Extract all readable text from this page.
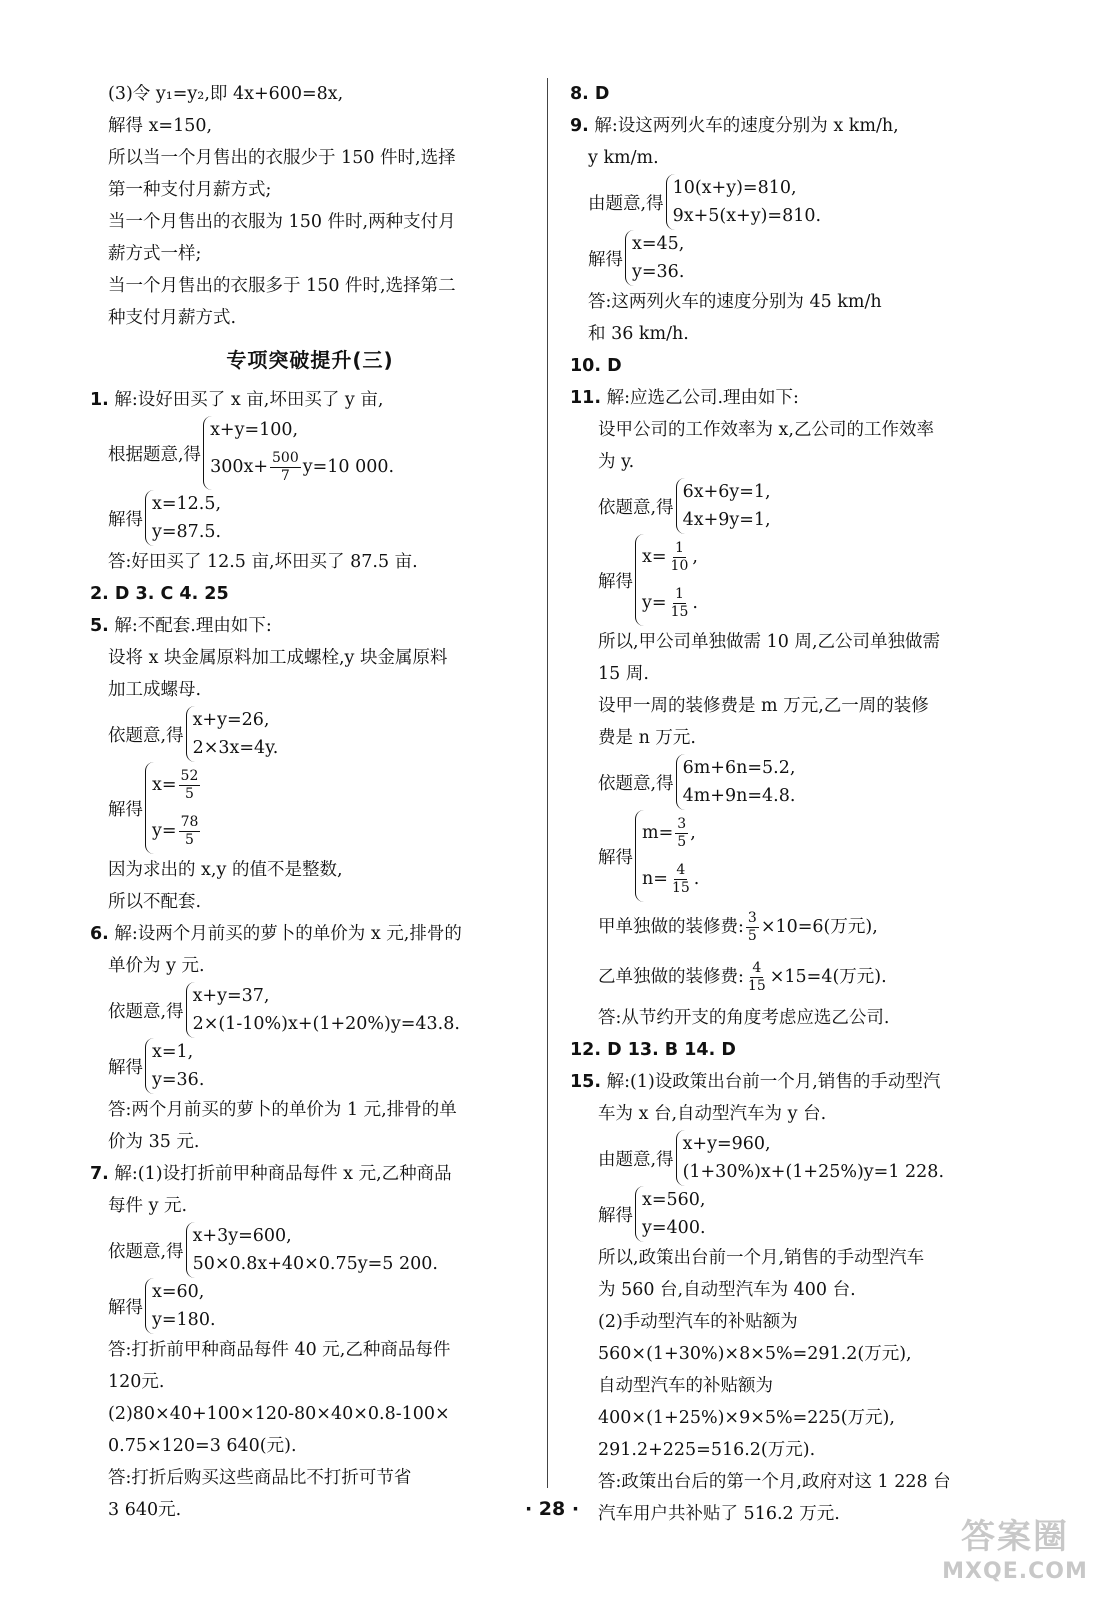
(3)令 y₁=y₂,即 4x+600=8x,
解得 x=150,
所以当一个月售出的衣服少于 150 件时,选择
第一种支付月薪方式;
当一个月售出的衣服为 150 件时,两种支付月
薪方式一样;
当一个月售出的衣服多于 150 件时,选择第二
种支付月薪方式.
专项突破提升(三)
1. 解:设好田买了 x 亩,坏田买了 y 亩,
根据题意,得
x+y=100,
$300x+ \frac{500}{7} y=10$ 000.
解得
x=12.5,
y=87.5.
答:好田买了 12.5 亩,坏田买了 87.5 亩.
2. D 3. C 4. 25
5. 解:不配套.理由如下:
设将 x 块金属原料加工成螺栓,y 块金属原料
加工成螺母.
依题意,得
x+y=26,
2×3x=4y.
解得
$x= \frac{52}{5}$
$y= \frac{78}{5}$
因为求出的 x,y 的值不是整数,
所以不配套.
6. 解:设两个月前买的萝卜的单价为 x 元,排骨的
单价为 y 元.
依题意,得
x+y=37,
2×(1-10%)x+(1+20%)y=43.8.
解得
x=1,
y=36.
答:两个月前买的萝卜的单价为 1 元,排骨的单
价为 35 元.
7. 解:(1)设打折前甲种商品每件 x 元,乙种商品
每件 y 元.
依题意,得
x+3y=600,
50×0.8x+40×0.75y=5 200.
解得
x=60,
y=180.
答:打折前甲种商品每件 40 元,乙种商品每件
120元.
(2)80×40+100×120-80×40×0.8-100×
0.75×120=3 640(元).
答:打折后购买这些商品比不打折可节省
3 640元.
8. D
9. 解:设这两列火车的速度分别为 x km/h,
y km/m.
由题意,得
10(x+y)=810,
9x+5(x+y)=810.
解得
x=45,
y=36.
答:这两列火车的速度分别为 45 km/h
和 36 km/h.
10. D
11. 解:应选乙公司.理由如下:
设甲公司的工作效率为 x,乙公司的工作效率
为 y.
依题意,得
6x+6y=1,
4x+9y=1,
解得
$x= \frac{1}{10}$ ,
$y= \frac{1}{15}$ .
所以,甲公司单独做需 10 周,乙公司单独做需
15 周.
设甲一周的装修费是 m 万元,乙一周的装修
费是 n 万元.
依题意,得
6m+6n=5.2,
4m+9n=4.8.
解得
$m= \frac{3}{5}$ ,
$n= \frac{4}{15}$ .
甲单独做的装修费: $\frac{3}{5} \times 10=6$(万元),
乙单独做的装修费: $\frac{4}{15} \times 15=4$(万元).
答:从节约开支的角度考虑应选乙公司.
12. D 13. B 14. D
15. 解:(1)设政策出台前一个月,销售的手动型汽
车为 x 台,自动型汽车为 y 台.
由题意,得
x+y=960,
(1+30%)x+(1+25%)y=1 228.
解得
x=560,
y=400.
所以,政策出台前一个月,销售的手动型汽车
为 560 台,自动型汽车为 400 台.
(2)手动型汽车的补贴额为
560×(1+30%)×8×5%=291.2(万元),
自动型汽车的补贴额为
400×(1+25%)×9×5%=225(万元),
291.2+225=516.2(万元).
答:政策出台后的第一个月,政府对这 1 228 台
汽车用户共补贴了 516.2 万元.
· 28 ·
答案圈
MXQE.COM
